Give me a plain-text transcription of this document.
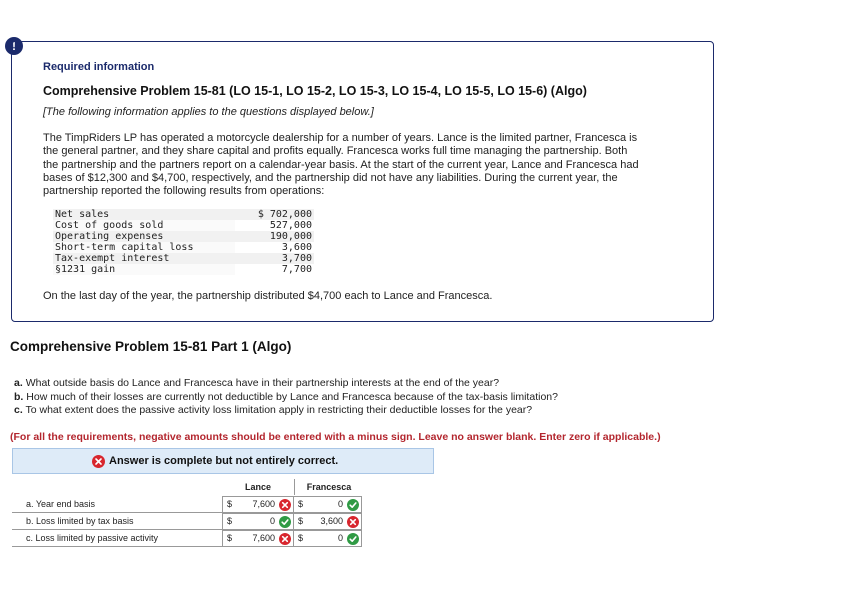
!
Required information
Comprehensive Problem 15-81 (LO 15-1, LO 15-2, LO 15-3, LO 15-4, LO 15-5, LO 15-6) (Algo)
[The following information applies to the questions displayed below.]
The TimpRiders LP has operated a motorcycle dealership for a number of years. Lance is the limited partner, Francesca is
the general partner, and they share capital and profits equally. Francesca works full time managing the partnership. Both
the partnership and the partners report on a calendar-year basis. At the start of the current year, Lance and Francesca had
bases of $12,300 and $4,700, respectively, and the partnership did not have any liabilities. During the current year, the
partnership reported the following results from operations:
Net sales	$ 702,000
Cost of goods sold	527,000
Operating expenses	190,000
Short-term capital loss	3,600
Tax-exempt interest	3,700
§1231 gain	7,700
On the last day of the year, the partnership distributed $4,700 each to Lance and Francesca.
Comprehensive Problem 15-81 Part 1 (Algo)
a. What outside basis do Lance and Francesca have in their partnership interests at the end of the year?
b. How much of their losses are currently not deductible by Lance and Francesca because of the tax-basis limitation?
c. To what extent does the passive activity loss limitation apply in restricting their deductible losses for the year?
(For all the requirements, negative amounts should be entered with a minus sign. Leave no answer blank. Enter zero if applicable.)
Answer is complete but not entirely correct.
Lance	Francesca
a. Year end basis	$ 7,600	$	0
b. Loss limited by tax basis	$	0	$ 3,600
c. Loss limited by passive activity	$ 7,600	$	0
